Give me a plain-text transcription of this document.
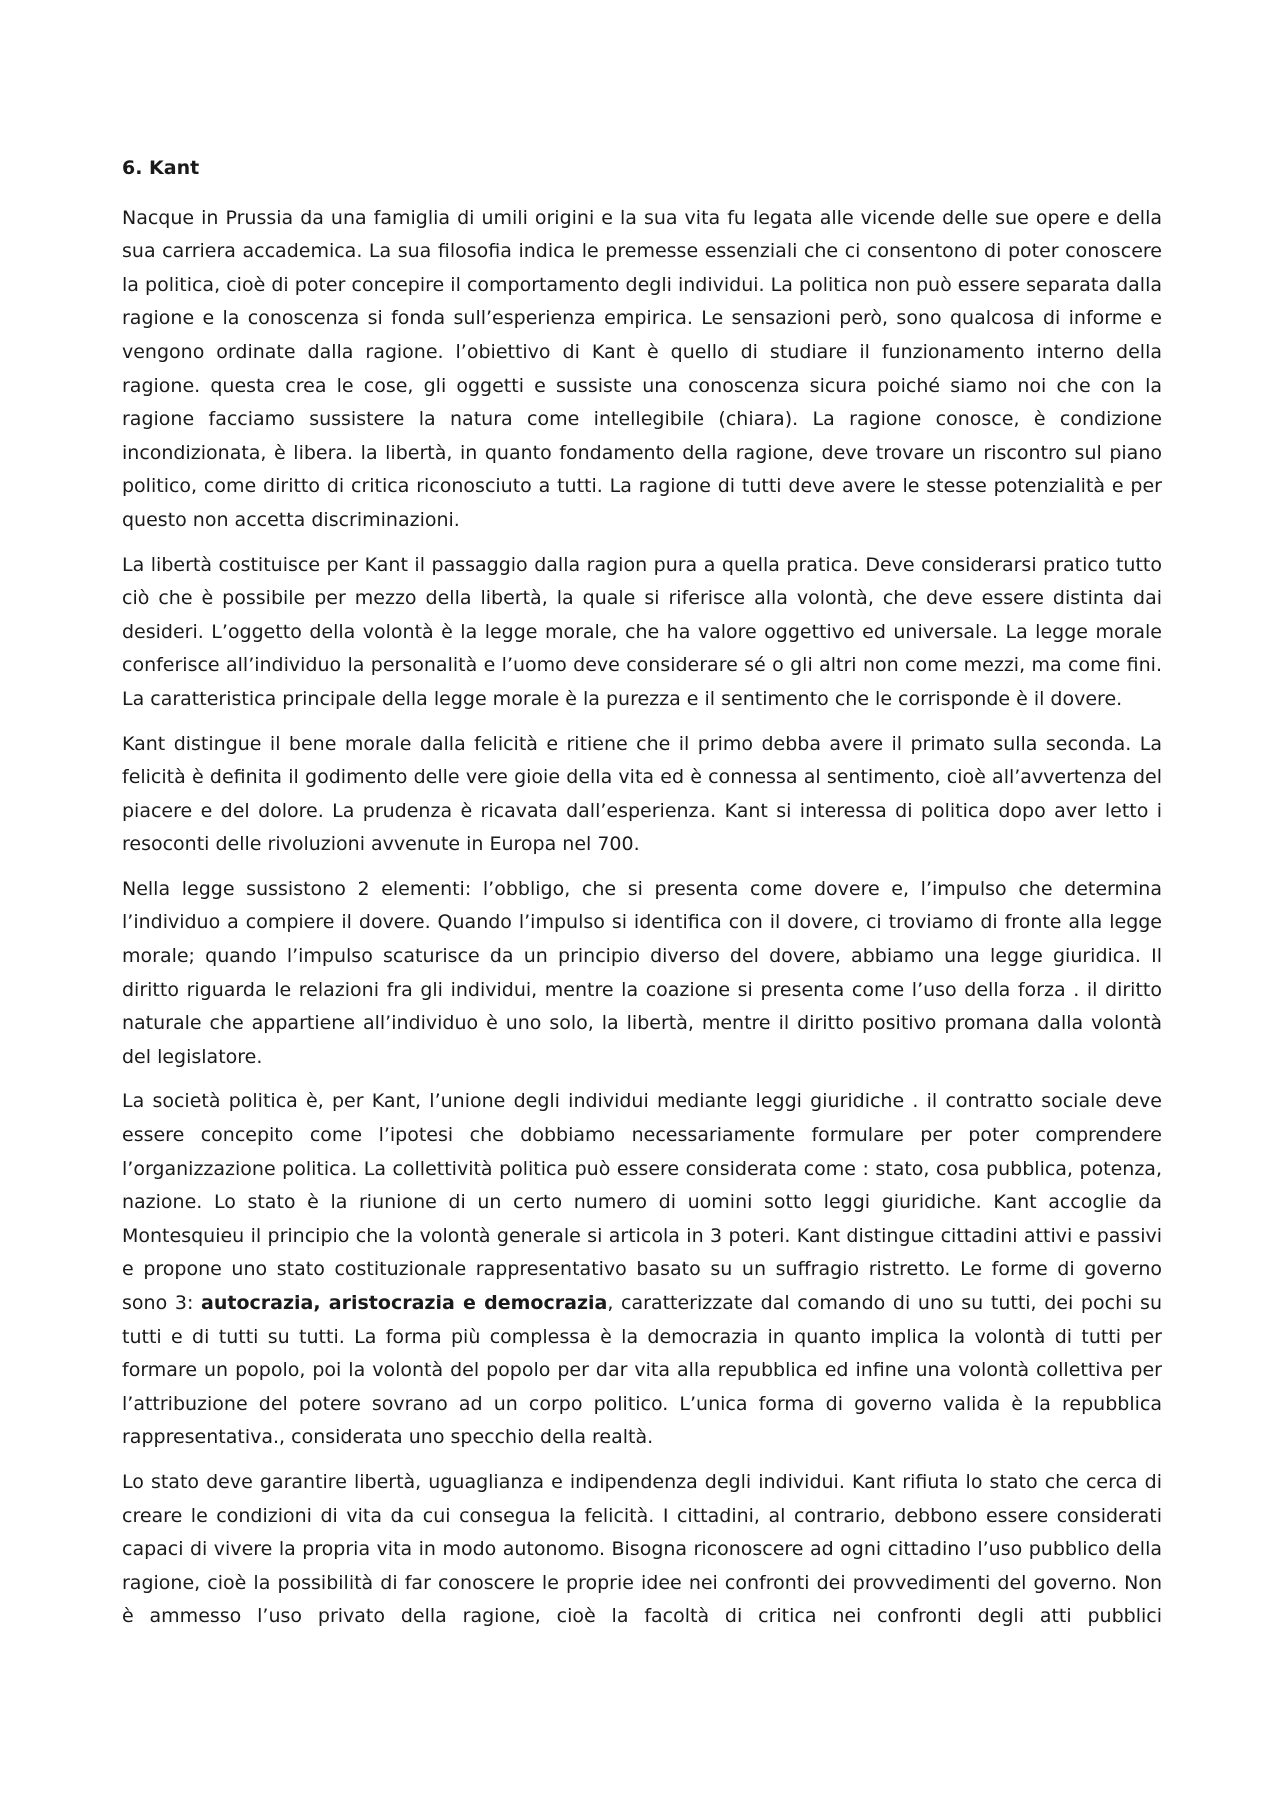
6. Kant

Nacque in Prussia da una famiglia di umili origini e la sua vita fu legata alle vicende delle sue opere e della sua carriera accademica. La sua filosofia indica le premesse essenziali che ci consentono di poter conoscere la politica, cioè di poter concepire il comportamento degli individui. La politica non può essere separata dalla ragione e la conoscenza si fonda sull’esperienza empirica. Le sensazioni però, sono qualcosa di informe e vengono ordinate dalla ragione. l’obiettivo di Kant è quello di studiare il funzionamento interno della ragione. questa crea le cose, gli oggetti e sussiste una conoscenza sicura poiché siamo noi che con la ragione facciamo sussistere la natura come intellegibile (chiara). La ragione conosce, è condizione incondizionata, è libera. la libertà, in quanto fondamento della ragione, deve trovare un riscontro sul piano politico, come diritto di critica riconosciuto a tutti. La ragione di tutti deve avere le stesse potenzialità e per questo non accetta discriminazioni.

La libertà costituisce per Kant il passaggio dalla ragion pura a quella pratica. Deve considerarsi pratico tutto ciò che è possibile per mezzo della libertà, la quale si riferisce alla volontà, che deve essere distinta dai desideri. L’oggetto della volontà è la legge morale, che ha valore oggettivo ed universale. La legge morale conferisce all’individuo la personalità e l’uomo deve considerare sé o gli altri non come mezzi, ma come fini. La caratteristica principale della legge morale è la purezza e il sentimento che le corrisponde è il dovere.

Kant distingue il bene morale dalla felicità e ritiene che il primo debba avere il primato sulla seconda. La felicità è definita il godimento delle vere gioie della vita ed è connessa al sentimento, cioè all’avvertenza del piacere e del dolore. La prudenza è ricavata dall’esperienza. Kant si interessa di politica dopo aver letto i resoconti delle rivoluzioni avvenute in Europa nel 700.

Nella legge sussistono 2 elementi: l’obbligo, che si presenta come dovere e, l’impulso che determina l’individuo a compiere il dovere. Quando l’impulso si identifica con il dovere, ci troviamo di fronte alla legge morale; quando l’impulso scaturisce da un principio diverso del dovere, abbiamo una legge giuridica. Il diritto riguarda le relazioni fra gli individui, mentre la coazione si presenta come l’uso della forza . il diritto naturale che appartiene all’individuo è uno solo, la libertà, mentre il diritto positivo promana dalla volontà del legislatore.

La società politica è, per Kant, l’unione degli individui mediante leggi giuridiche . il contratto sociale deve essere concepito come l’ipotesi che dobbiamo necessariamente formulare per poter comprendere l’organizzazione politica. La collettività politica può essere considerata come : stato, cosa pubblica, potenza, nazione. Lo stato è la riunione di un certo numero di uomini sotto leggi giuridiche. Kant accoglie da Montesquieu il principio che la volontà generale si articola in 3 poteri. Kant distingue cittadini attivi e passivi e propone uno stato costituzionale rappresentativo basato su un suffragio ristretto. Le forme di governo sono 3: autocrazia, aristocrazia e democrazia, caratterizzate dal comando di uno su tutti, dei pochi su tutti e di tutti su tutti. La forma più complessa è la democrazia in quanto implica la volontà di tutti per formare un popolo, poi la volontà del popolo per dar vita alla repubblica ed infine una volontà collettiva per l’attribuzione del potere sovrano ad un corpo politico. L’unica forma di governo valida è la repubblica rappresentativa., considerata uno specchio della realtà.

Lo stato deve garantire libertà, uguaglianza e indipendenza degli individui. Kant rifiuta lo stato che cerca di creare le condizioni di vita da cui consegua la felicità. I cittadini, al contrario, debbono essere considerati capaci di vivere la propria vita in modo autonomo. Bisogna riconoscere ad ogni cittadino l’uso pubblico della ragione, cioè la possibilità di far conoscere le proprie idee nei confronti dei provvedimenti del governo. Non è ammesso l’uso privato della ragione, cioè la facoltà di critica nei confronti degli atti pubblici
